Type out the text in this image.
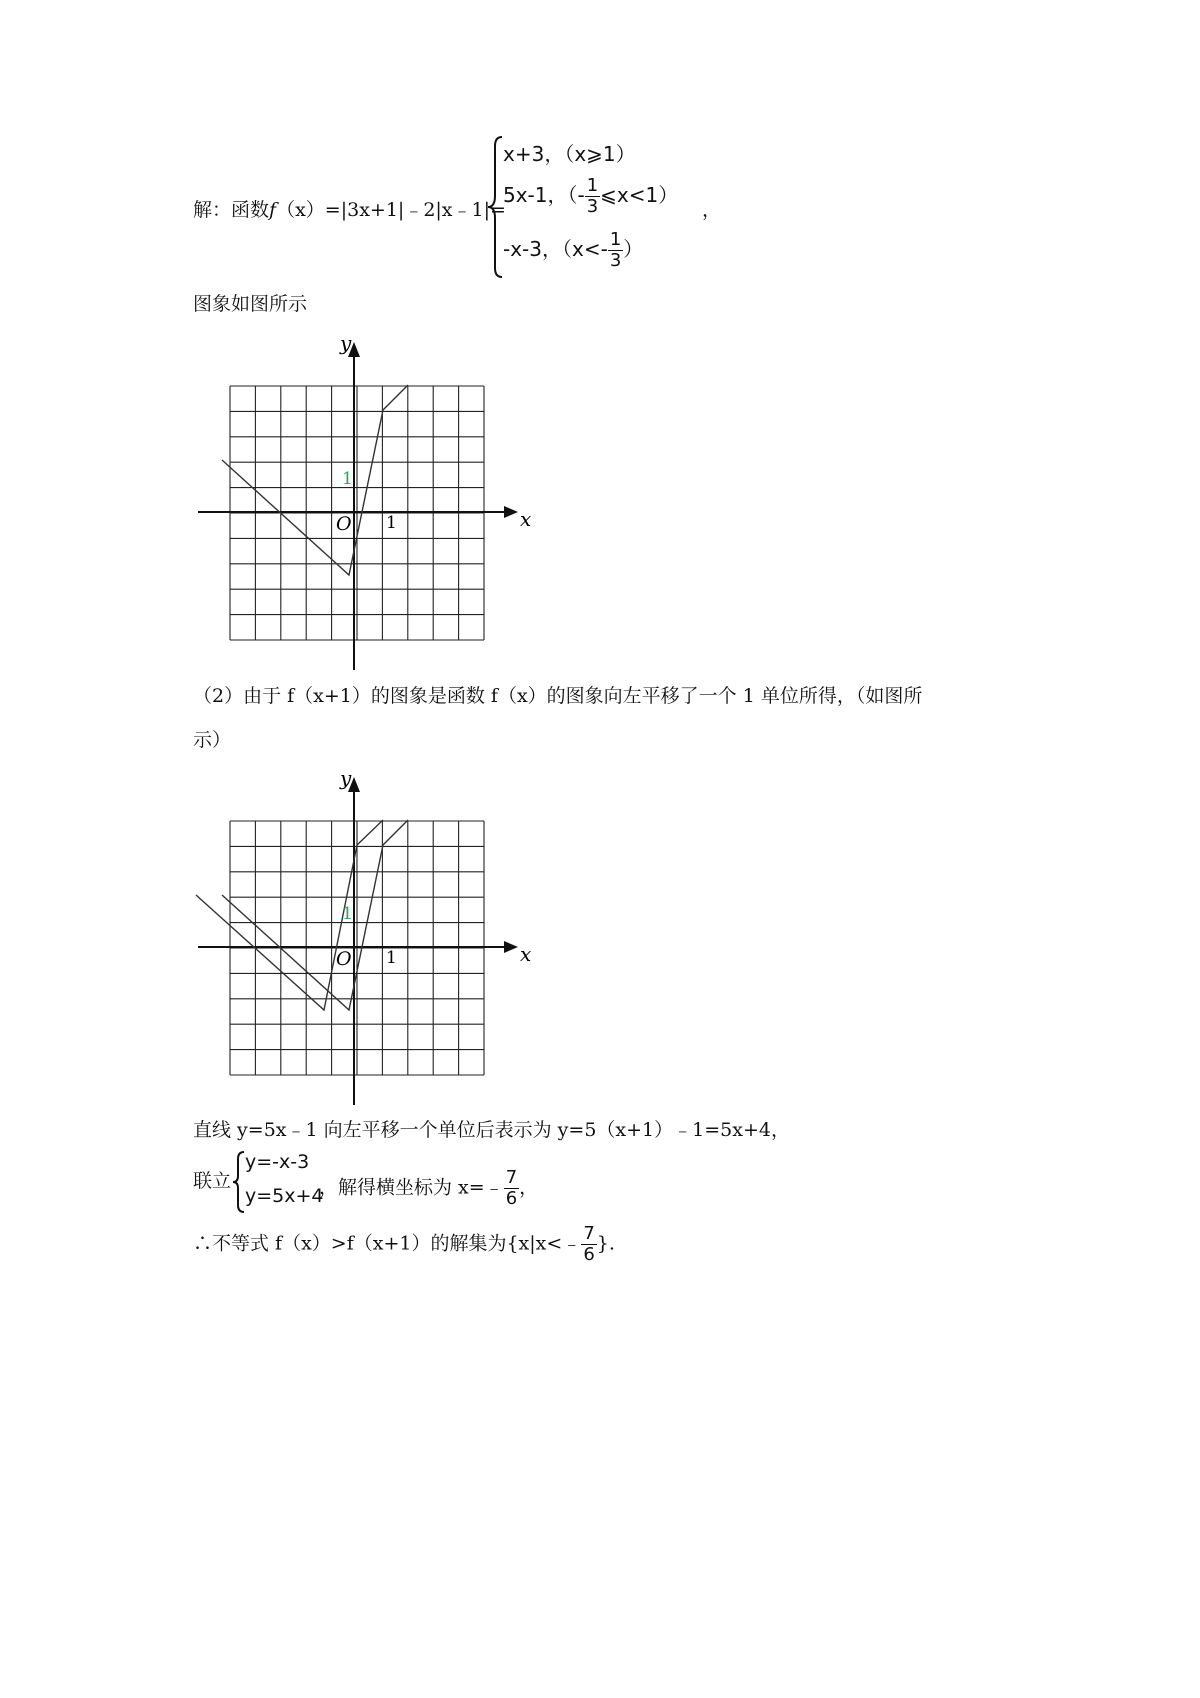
解：函数f（x）=|3x+1|﹣2|x﹣1|=
x+3，（x⩾1）
5x-1，（- $\frac{1}{3}$ ⩽x<1）
-x-3，（$x<- \frac{1}{3}$ ）
，
图象如图所示
y
x
O 1
1
（2）由于 f（x+1）的图象是函数 f（x）的图象向左平移了一个 1 单位所得，（如图所
示）
y
x
O 1
1
直线 y=5x﹣1 向左平移一个单位后表示为 y=5（x+1）﹣1=5x+4，
联立
y=-x-3
y=5x+4
，解得横坐标为 x=﹣ $\frac{7}{6}$ ，
∴不等式 f（x）>f（x+1）的解集为{x|x<﹣ $\frac{7}{6}$ }.
